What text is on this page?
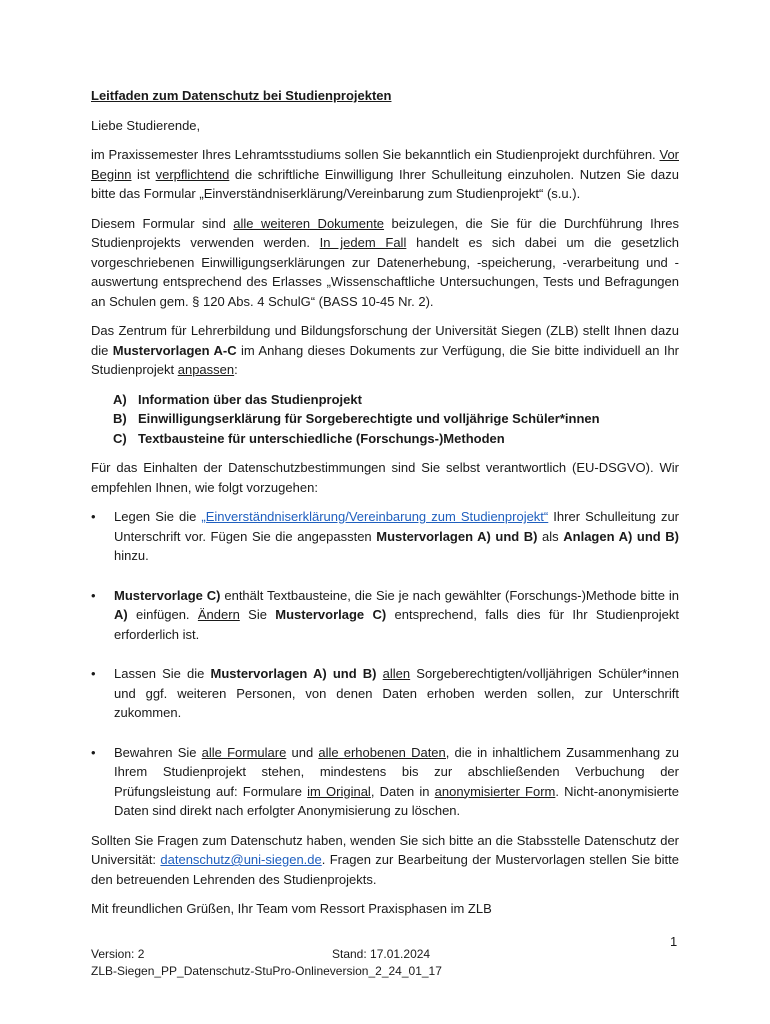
Leitfaden zum Datenschutz bei Studienprojekten

Liebe Studierende,

im Praxissemester Ihres Lehramtsstudiums sollen Sie bekanntlich ein Studienprojekt durchführen. Vor Beginn ist verpflichtend die schriftliche Einwilligung Ihrer Schulleitung einzuholen. Nutzen Sie dazu bitte das Formular „Einverständniserklärung/Vereinbarung zum Studienprojekt“ (s.u.).

Diesem Formular sind alle weiteren Dokumente beizulegen, die Sie für die Durchführung Ihres Studienprojekts verwenden werden. In jedem Fall handelt es sich dabei um die gesetzlich vorgeschriebenen Einwilligungserklärungen zur Datenerhebung, -speicherung, -verarbeitung und -auswertung entsprechend des Erlasses „Wissenschaftliche Untersuchungen, Tests und Befragungen an Schulen gem. § 120 Abs. 4 SchulG“ (BASS 10-45 Nr. 2).

Das Zentrum für Lehrerbildung und Bildungsforschung der Universität Siegen (ZLB) stellt Ihnen dazu die Mustervorlagen A-C im Anhang dieses Dokuments zur Verfügung, die Sie bitte individuell an Ihr Studienprojekt anpassen:

A) Information über das Studienprojekt
B) Einwilligungserklärung für Sorgeberechtigte und volljährige Schüler*innen
C) Textbausteine für unterschiedliche (Forschungs-)Methoden

Für das Einhalten der Datenschutzbestimmungen sind Sie selbst verantwortlich (EU-DSGVO). Wir empfehlen Ihnen, wie folgt vorzugehen:

• Legen Sie die „Einverständniserklärung/Vereinbarung zum Studienprojekt“ Ihrer Schulleitung zur Unterschrift vor. Fügen Sie die angepassten Mustervorlagen A) und B) als Anlagen A) und B) hinzu.
• Mustervorlage C) enthält Textbausteine, die Sie je nach gewählter (Forschungs-)Methode bitte in A) einfügen. Ändern Sie Mustervorlage C) entsprechend, falls dies für Ihr Studienprojekt erforderlich ist.
• Lassen Sie die Mustervorlagen A) und B) allen Sorgeberechtigten/volljährigen Schüler*innen und ggf. weiteren Personen, von denen Daten erhoben werden sollen, zur Unterschrift zukommen.
• Bewahren Sie alle Formulare und alle erhobenen Daten, die in inhaltlichem Zusammenhang zu Ihrem Studienprojekt stehen, mindestens bis zur abschließenden Verbuchung der Prüfungsleistung auf: Formulare im Original, Daten in anonymisierter Form. Nicht-anonymisierte Daten sind direkt nach erfolgter Anonymisierung zu löschen.

Sollten Sie Fragen zum Datenschutz haben, wenden Sie sich bitte an die Stabsstelle Datenschutz der Universität: datenschutz@uni-siegen.de. Fragen zur Bearbeitung der Mustervorlagen stellen Sie bitte den betreuenden Lehrenden des Studienprojekts.

Mit freundlichen Grüßen, Ihr Team vom Ressort Praxisphasen im ZLB

1
Version: 2	Stand: 17.01.2024
ZLB-Siegen_PP_Datenschutz-StuPro-Onlineversion_2_24_01_17
